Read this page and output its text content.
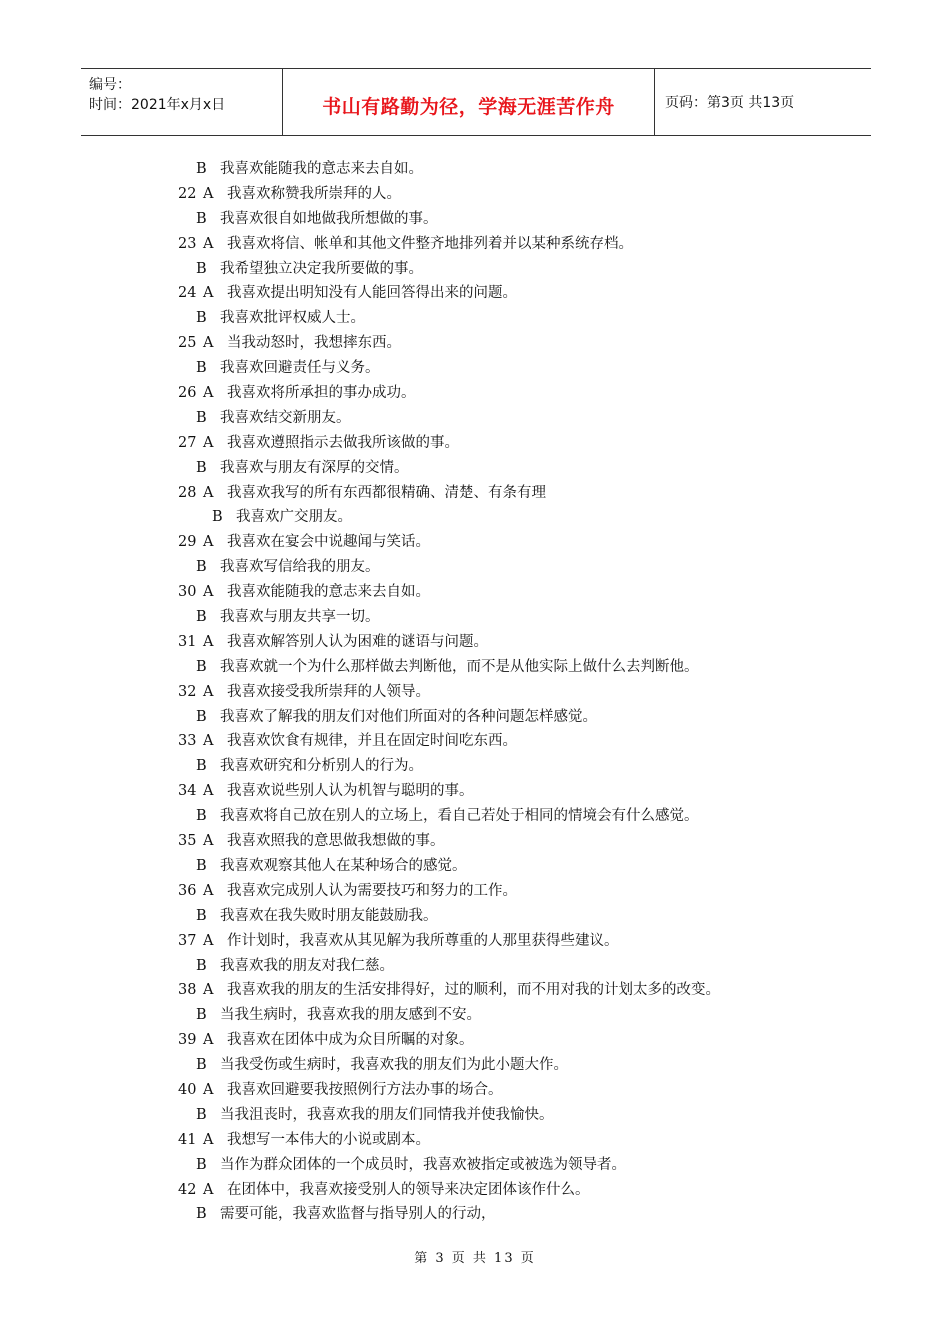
编号：
时间：2021年x月x日	书山有路勤为径，学海无涯苦作舟	页码：第3页 共13页
B 我喜欢能随我的意志来去自如。
22 A 我喜欢称赞我所崇拜的人。
B 我喜欢很自如地做我所想做的事。
23 A 我喜欢将信、帐单和其他文件整齐地排列着并以某种系统存档。
B 我希望独立决定我所要做的事。
24 A 我喜欢提出明知没有人能回答得出来的问题。
B 我喜欢批评权威人士。
25 A 当我动怒时，我想摔东西。
B 我喜欢回避责任与义务。
26 A 我喜欢将所承担的事办成功。
B 我喜欢结交新朋友。
27 A 我喜欢遵照指示去做我所该做的事。
B 我喜欢与朋友有深厚的交情。
28 A 我喜欢我写的所有东西都很精确、清楚、有条有理
B 我喜欢广交朋友。
29 A 我喜欢在宴会中说趣闻与笑话。
B 我喜欢写信给我的朋友。
30 A 我喜欢能随我的意志来去自如。
B 我喜欢与朋友共享一切。
31 A 我喜欢解答别人认为困难的谜语与问题。
B 我喜欢就一个为什么那样做去判断他，而不是从他实际上做什么去判断他。
32 A 我喜欢接受我所崇拜的人领导。
B 我喜欢了解我的朋友们对他们所面对的各种问题怎样感觉。
33 A 我喜欢饮食有规律，并且在固定时间吃东西。
B 我喜欢研究和分析别人的行为。
34 A 我喜欢说些别人认为机智与聪明的事。
B 我喜欢将自己放在别人的立场上，看自己若处于相同的情境会有什么感觉。
35 A 我喜欢照我的意思做我想做的事。
B 我喜欢观察其他人在某种场合的感觉。
36 A 我喜欢完成别人认为需要技巧和努力的工作。
B 我喜欢在我失败时朋友能鼓励我。
37 A 作计划时，我喜欢从其见解为我所尊重的人那里获得些建议。
B 我喜欢我的朋友对我仁慈。
38 A 我喜欢我的朋友的生活安排得好，过的顺利，而不用对我的计划太多的改变。
B 当我生病时，我喜欢我的朋友感到不安。
39 A 我喜欢在团体中成为众目所瞩的对象。
B 当我受伤或生病时，我喜欢我的朋友们为此小题大作。
40 A 我喜欢回避要我按照例行方法办事的场合。
B 当我沮丧时，我喜欢我的朋友们同情我并使我愉快。
41 A 我想写一本伟大的小说或剧本。
B 当作为群众团体的一个成员时，我喜欢被指定或被选为领导者。
42 A 在团体中，我喜欢接受别人的领导来决定团体该作什么。
B 需要可能，我喜欢监督与指导别人的行动，
第 3 页 共 13 页
